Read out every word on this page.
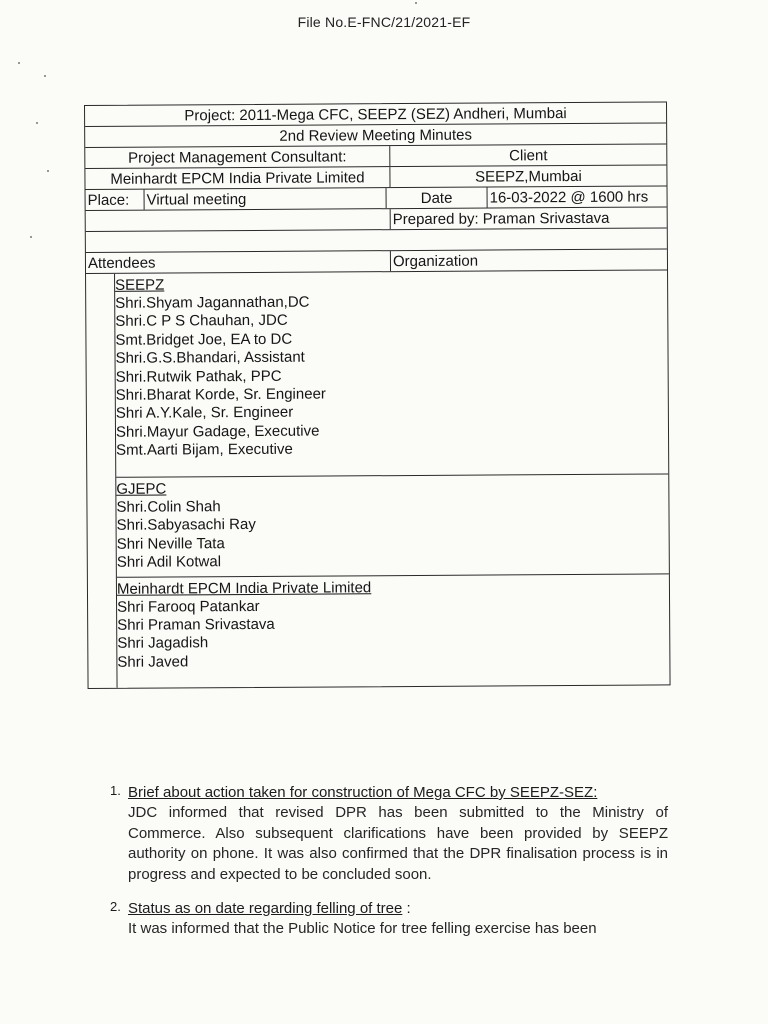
File No.E-FNC/21/2021-EF
Project: 2011-Mega CFC, SEEPZ (SEZ) Andheri, Mumbai
2nd Review Meeting Minutes
Project Management Consultant:	Client
Meinhardt EPCM India Private Limited	SEEPZ,Mumbai
Place:	Virtual meeting	Date	16-03-2022 @ 1600 hrs
Prepared by: Praman Srivastava
Attendees	Organization
SEEPZ
Shri.Shyam Jagannathan,DC
Shri.C P S Chauhan, JDC
Smt.Bridget Joe, EA to DC
Shri.G.S.Bhandari, Assistant
Shri.Rutwik Pathak, PPC
Shri.Bharat Korde, Sr. Engineer
Shri A.Y.Kale, Sr. Engineer
Shri.Mayur Gadage, Executive
Smt.Aarti Bijam, Executive
GJEPC
Shri.Colin Shah
Shri.Sabyasachi Ray
Shri Neville Tata
Shri Adil Kotwal
Meinhardt EPCM India Private Limited
Shri Farooq Patankar
Shri Praman Srivastava
Shri Jagadish
Shri Javed
1. Brief about action taken for construction of Mega CFC by SEEPZ-SEZ:
JDC informed that revised DPR has been submitted to the Ministry of Commerce. Also subsequent clarifications have been provided by SEEPZ authority on phone. It was also confirmed that the DPR finalisation process is in progress and expected to be concluded soon.
2. Status as on date regarding felling of tree :
It was informed that the Public Notice for tree felling exercise has been
